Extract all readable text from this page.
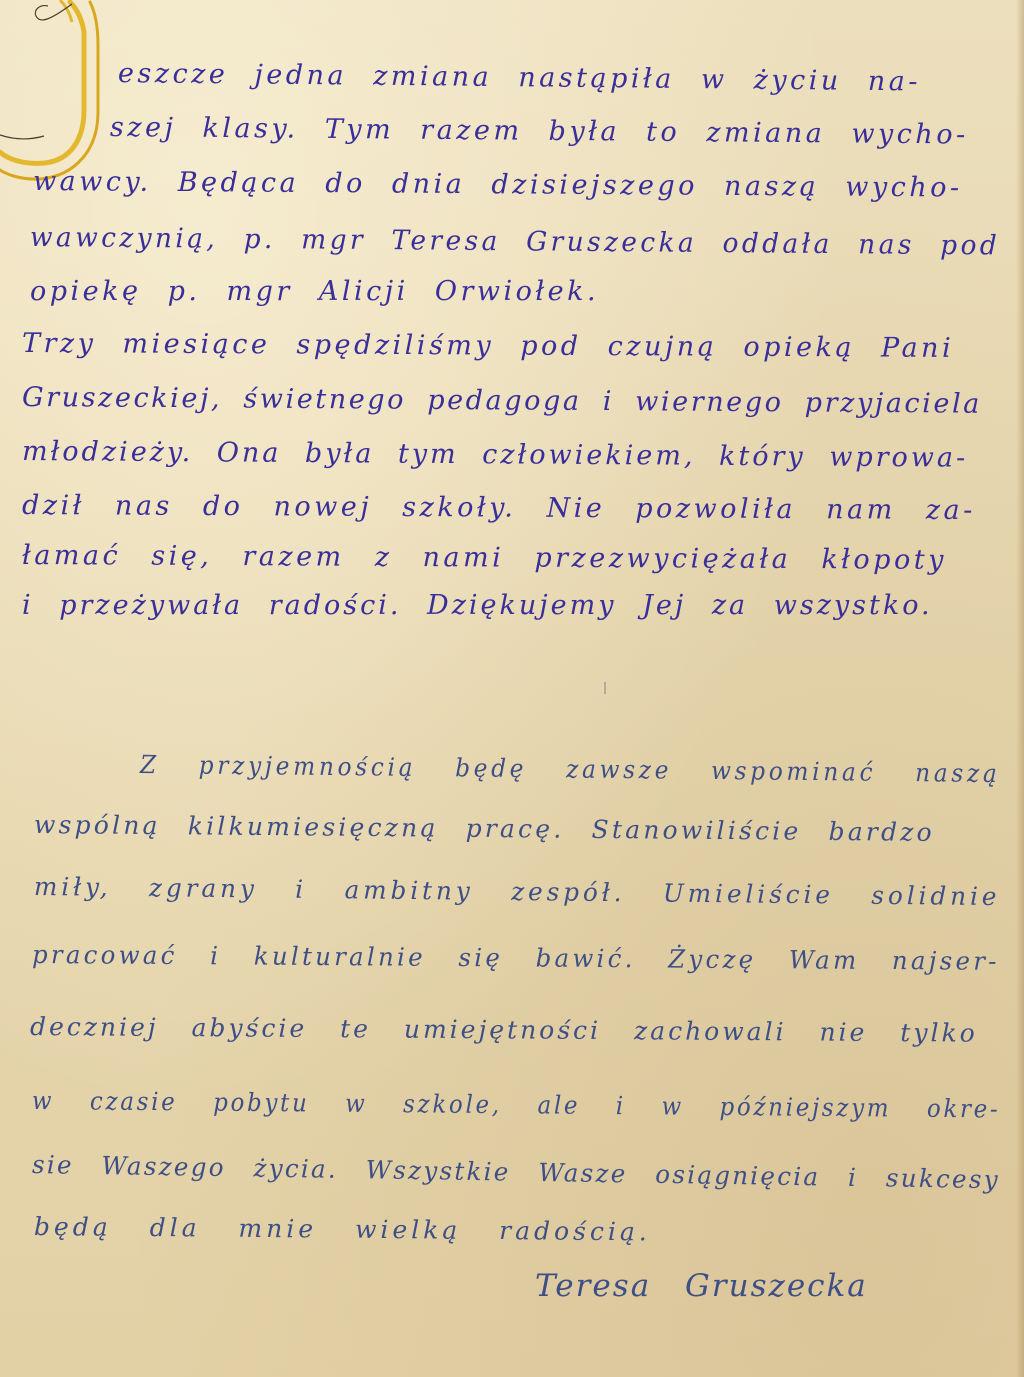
eszcze jedna zmiana nastąpiła w życiu na-
szej klasy. Tym razem była to zmiana wycho-
wawcy. Będąca do dnia dzisiejszego naszą wycho-
wawczynią, p. mgr Teresa Gruszecka oddała nas pod
opiekę p. mgr Alicji Orwiołek.
Trzy miesiące spędziliśmy pod czujną opieką Pani
Gruszeckiej, świetnego pedagoga i wiernego przyjaciela
młodzieży. Ona była tym człowiekiem, który wprowa-
dził nas do nowej szkoły. Nie pozwoliła nam za-
łamać się, razem z nami przezwyciężała kłopoty
i przeżywała radości. Dziękujemy Jej za wszystko.
Z przyjemnością będę zawsze wspominać naszą
wspólną kilkumiesięczną pracę. Stanowiliście bardzo
miły, zgrany i ambitny zespół. Umieliście solidnie
pracować i kulturalnie się bawić. Życzę Wam najser-
deczniej abyście te umiejętności zachowali nie tylko
w czasie pobytu w szkole, ale i w późniejszym okre-
sie Waszego życia. Wszystkie Wasze osiągnięcia i sukcesy
będą dla mnie wielką radością.
Teresa Gruszecka
